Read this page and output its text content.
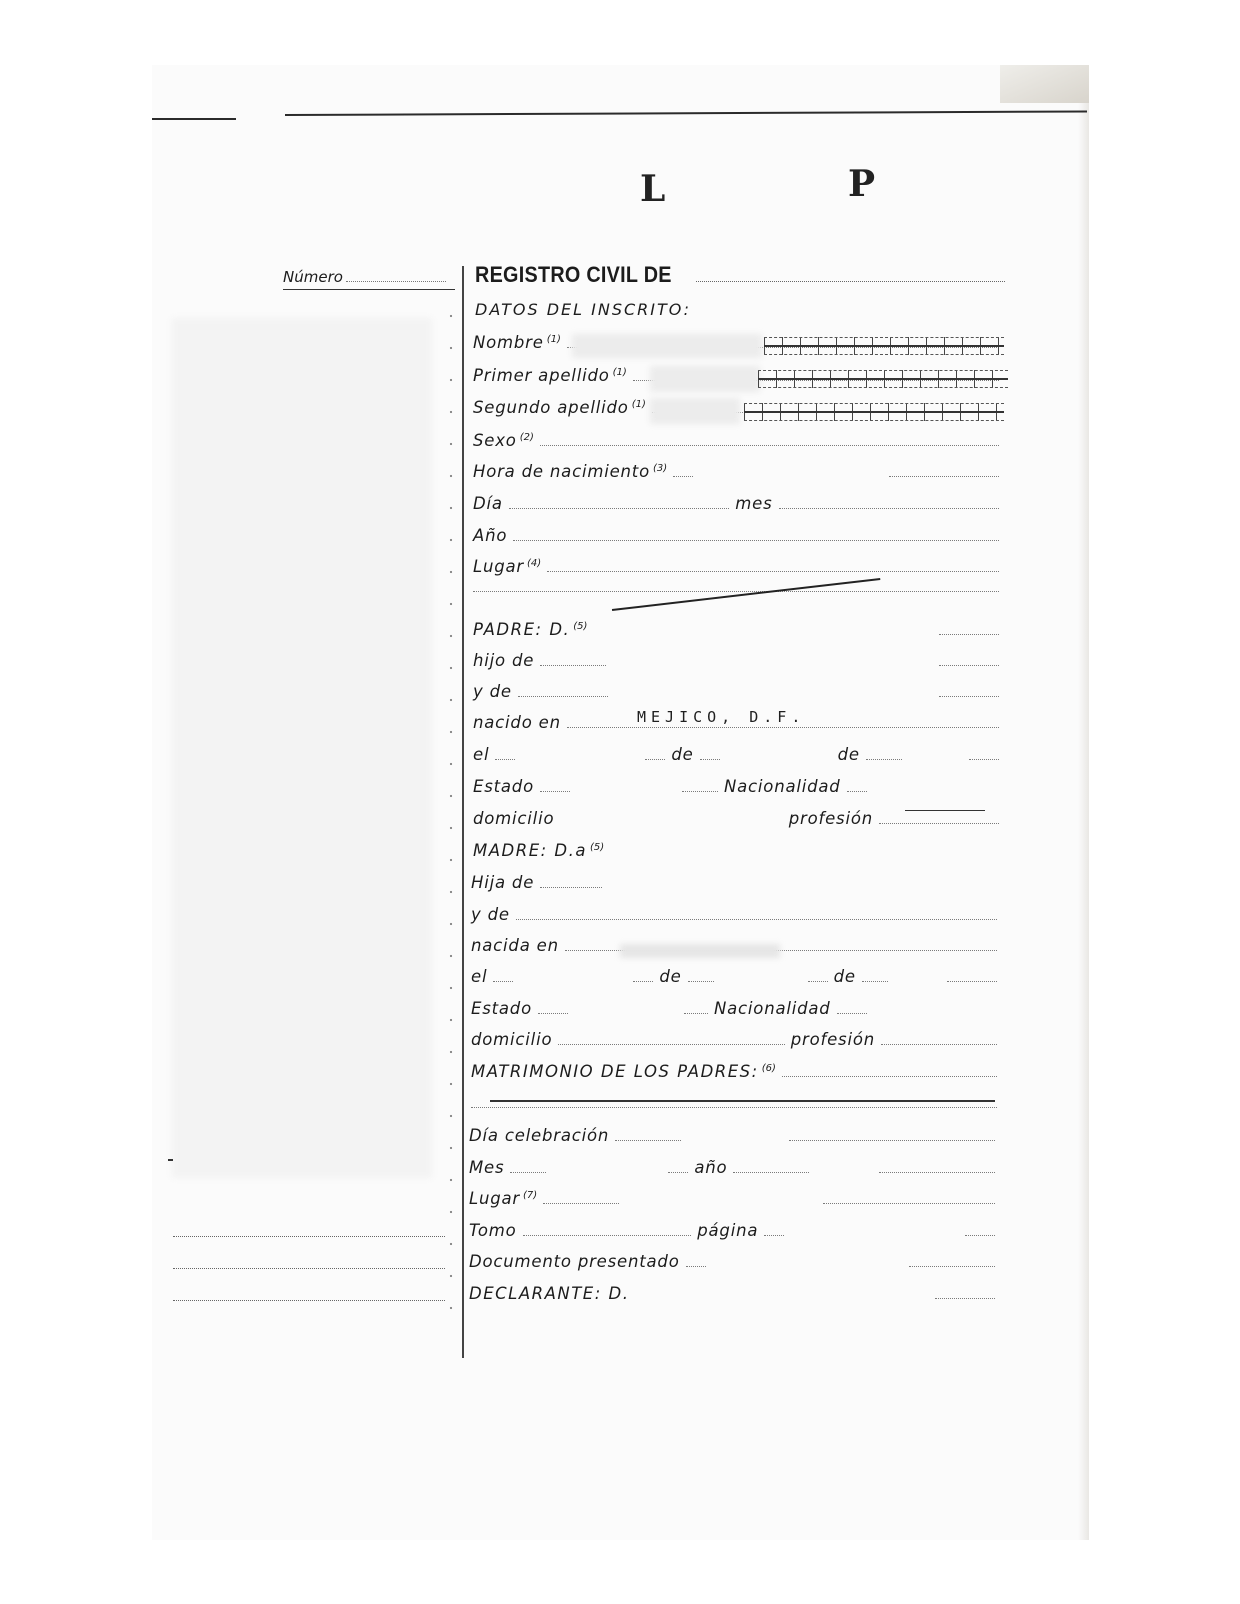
L	P
Número	REGISTRO CIVIL DE
DATOS DEL INSCRITO:
Nombre $^{(1)}$
Primer apellido $^{(1)}$
Segundo apellido $^{(1)}$
Sexo $^{(2)}$
Hora de nacimiento $^{(3)}$
Día	mes
Año
Lugar $^{(4)}$
PADRE: D. $^{(5)}$
hijo de
y de
nacido en	MEJICO, D.F.
el	de	de
Estado	Nacionalidad
domicilio	profesión
MADRE: D.a $^{(5)}$
Hija de
y de
nacida en
el	de	de
Estado	Nacionalidad
domicilio	profesión
MATRIMONIO DE LOS PADRES: $^{(6)}$
Día celebración
Mes	año
Lugar $^{(7)}$
Tomo	página
Documento presentado
DECLARANTE: D.
